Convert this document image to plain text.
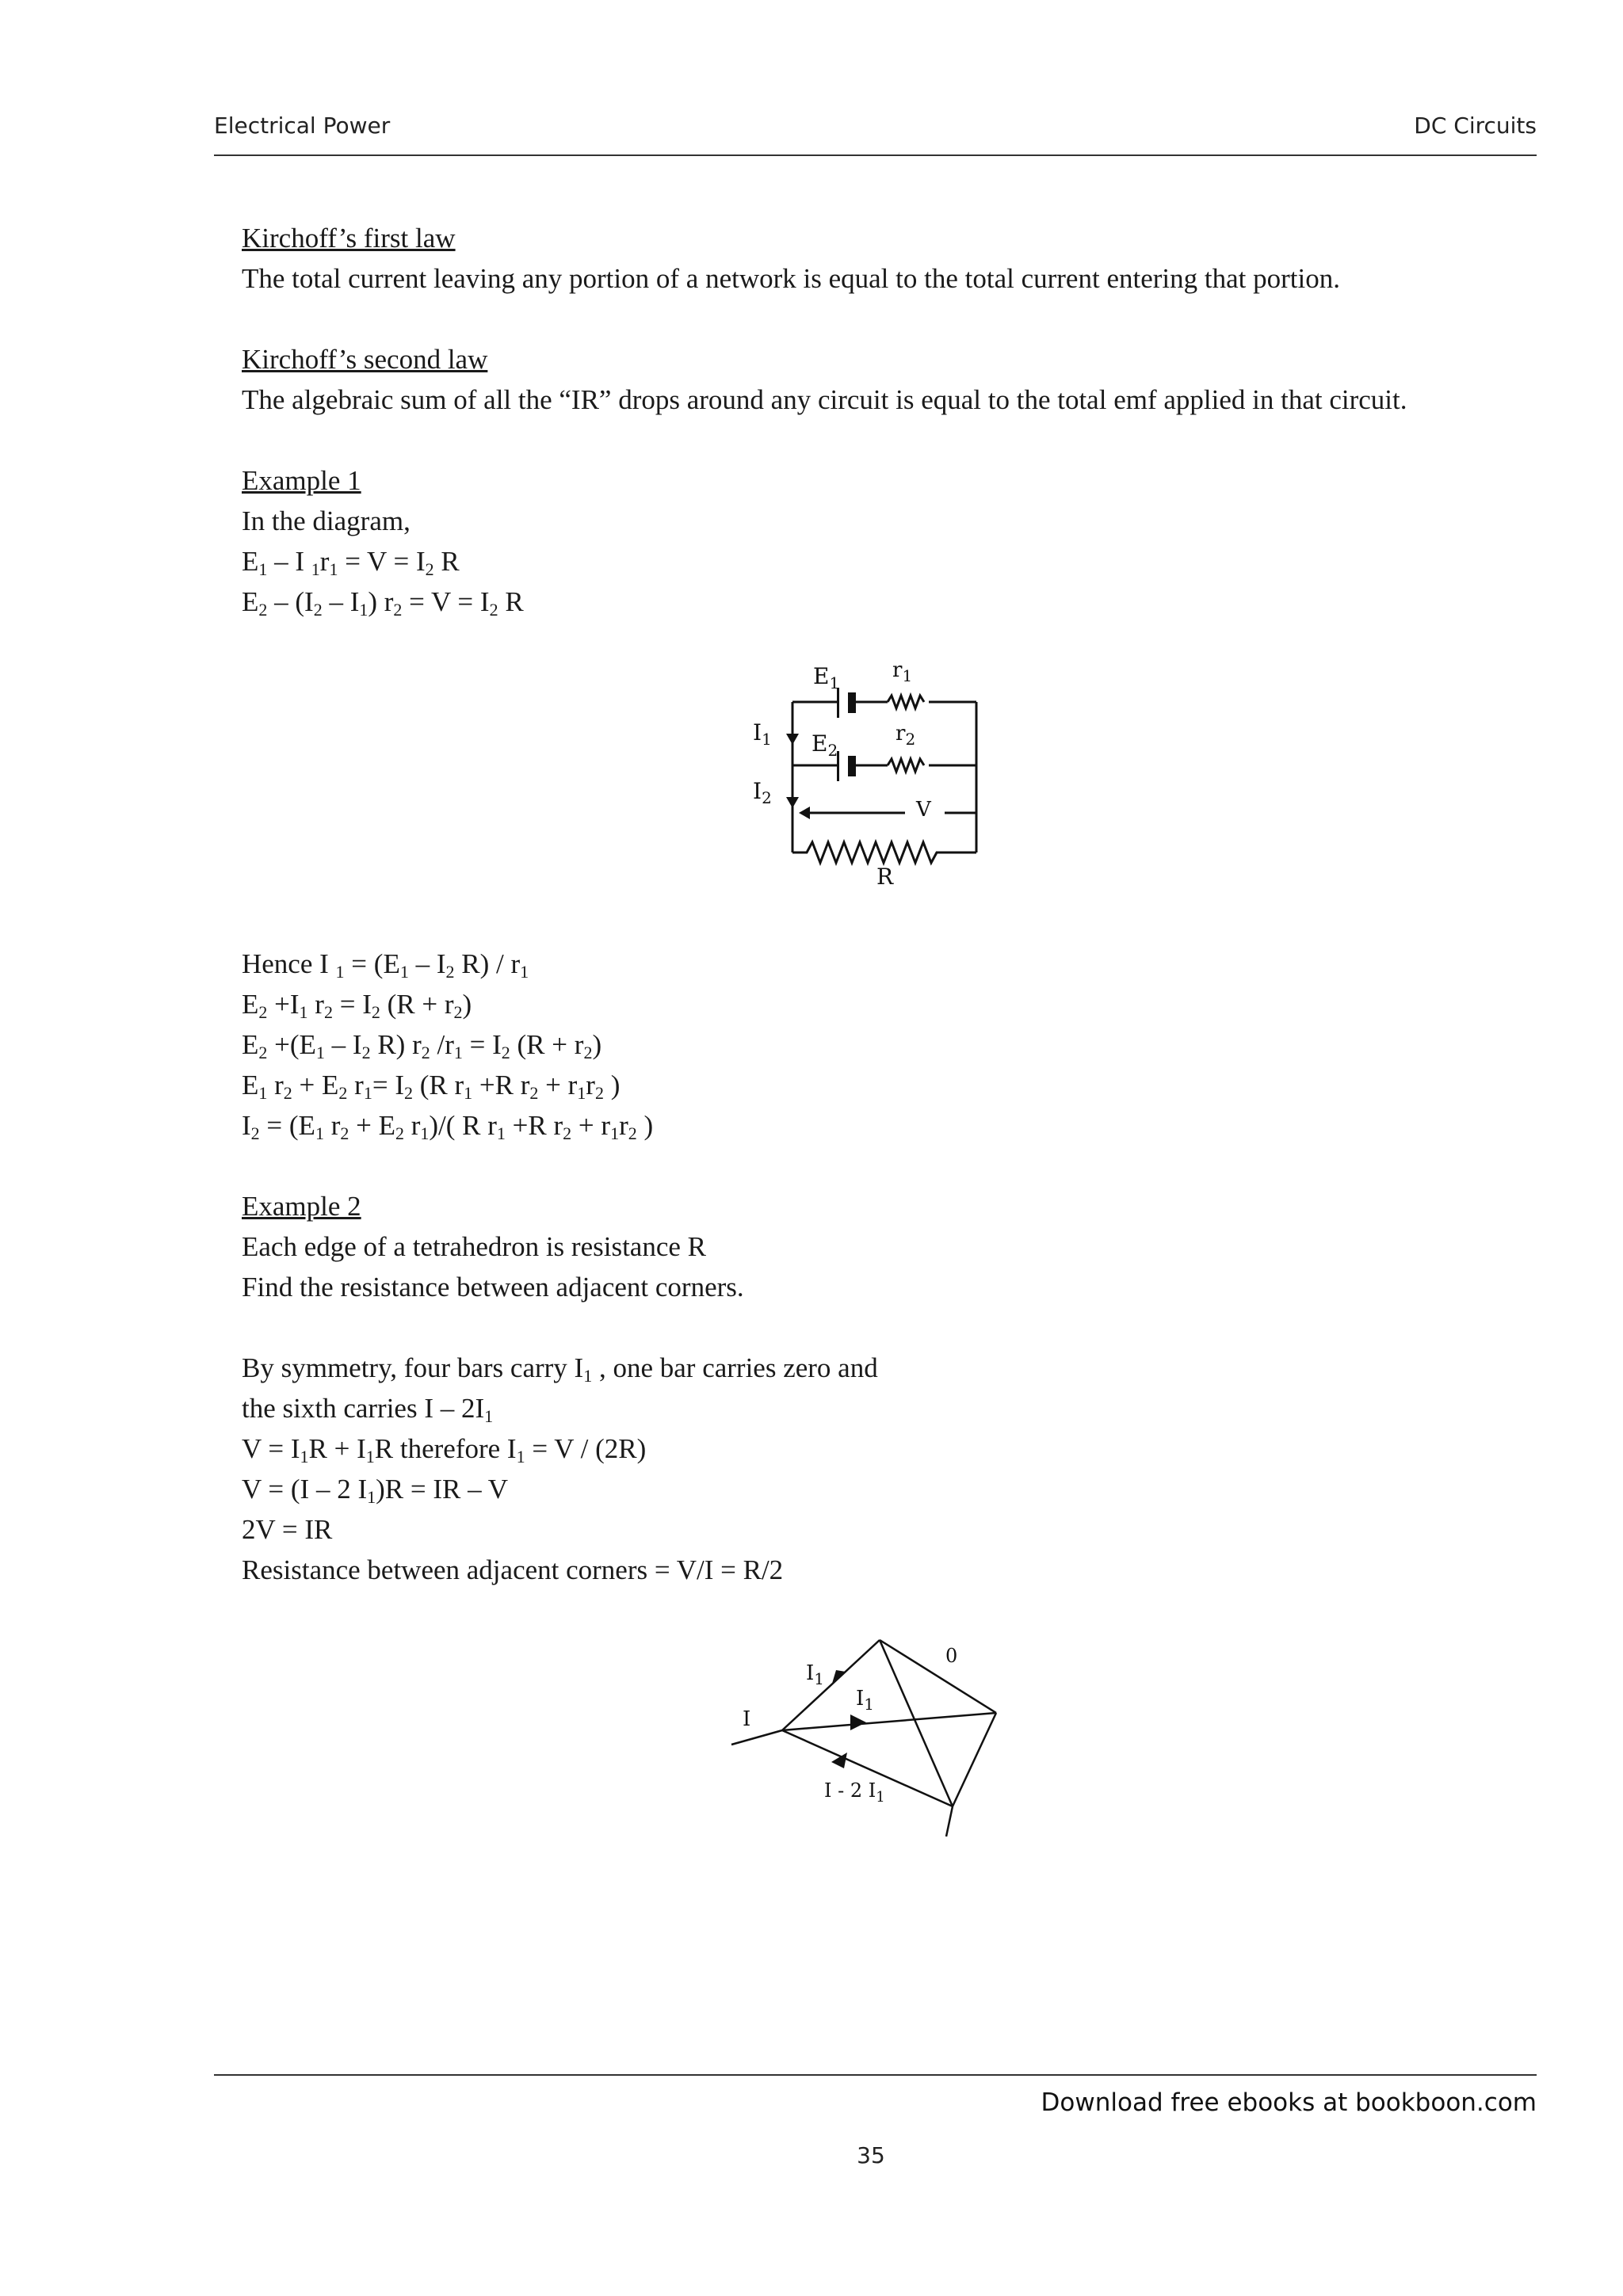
Electrical Power	DC Circuits
Kirchoff’s first law
The total current leaving any portion of a network is equal to the total current entering that portion.
Kirchoff’s second law
The algebraic sum of all the “IR” drops around any circuit is equal to the total emf applied in that circuit.
Example 1
In the diagram,
$E_1$ – I $_1r_1 = V = I_2$ R
$E_2 - (I_2 - I_1) r_2 = V = I_2$ R
Hence I $_1 = (E_1 - I_2$ $R) / r_1$
$E_2 +I_1$ $r_2 = I_2$ $(R + r_2)$
$E_2 +(E_1 - I_2$ R) $r_2$ $/r_1 = I_2$ $(R + r_2)$
$E_1$ $r_2 + E_2$ $r_1= I_2$ (R $r_1 +R$ $r_2 + r_1r_2$ )
$I_2 = (E_1$ $r_2 + E_2$ $r_1)/$( R $r_1 +R$ $r_2 + r_1r_2$ )
Example 2
Each edge of a tetrahedron is resistance R
Find the resistance between adjacent corners.
By symmetry, four bars carry $I_1$ , one bar carries zero and
the sixth carries I – $2I_1$
$V = I_1R + I_1R$ therefore $I_1 = V / (2R)$
V = (I – 2 $I_1)R$ = IR – V
2V = IR
Resistance between adjacent corners = V/I = R/2
$E_1$
$r_1$
$E_2$
$r_2$
$I_1$
$I_2$	V
R
$I_1$
$I_1$
I
0
I - 2 $I_1$
Download free ebooks at bookboon.com
35
